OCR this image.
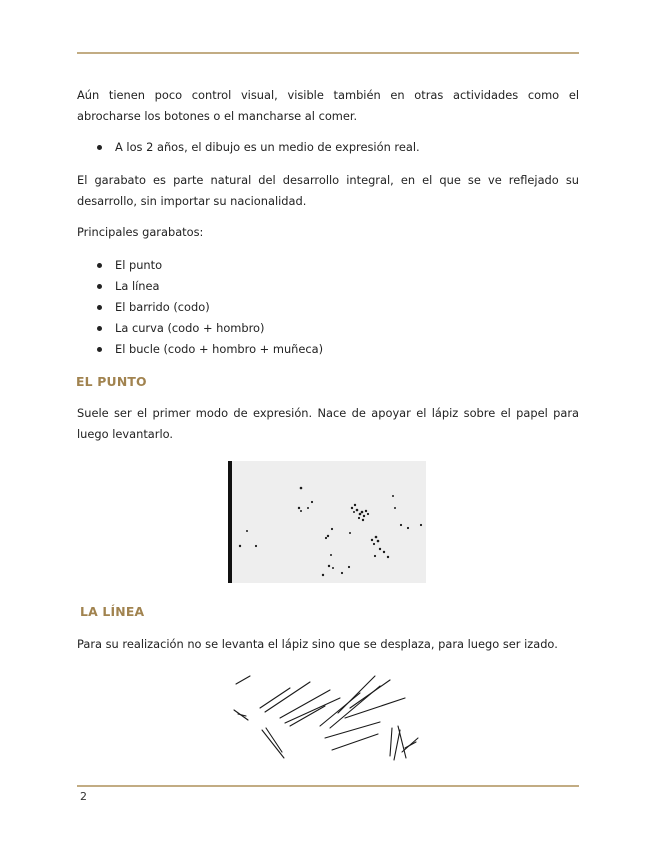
Aún tienen poco control visual, visible también en otras actividades como el abrocharse los botones o el mancharse al comer.

A los 2 años, el dibujo es un medio de expresión real.

El garabato es parte natural del desarrollo integral, en el que se ve reflejado su desarrollo, sin importar su nacionalidad.

Principales garabatos:

El punto
La línea
El barrido (codo)
La curva (codo + hombro)
El bucle (codo + hombro + muñeca)
EL PUNTO

Suele ser el primer modo de expresión. Nace de apoyar el lápiz sobre el papel para luego levantarlo.

LA LÍNEA

Para su realización no se levanta el lápiz sino que se desplaza, para luego ser izado.

2
